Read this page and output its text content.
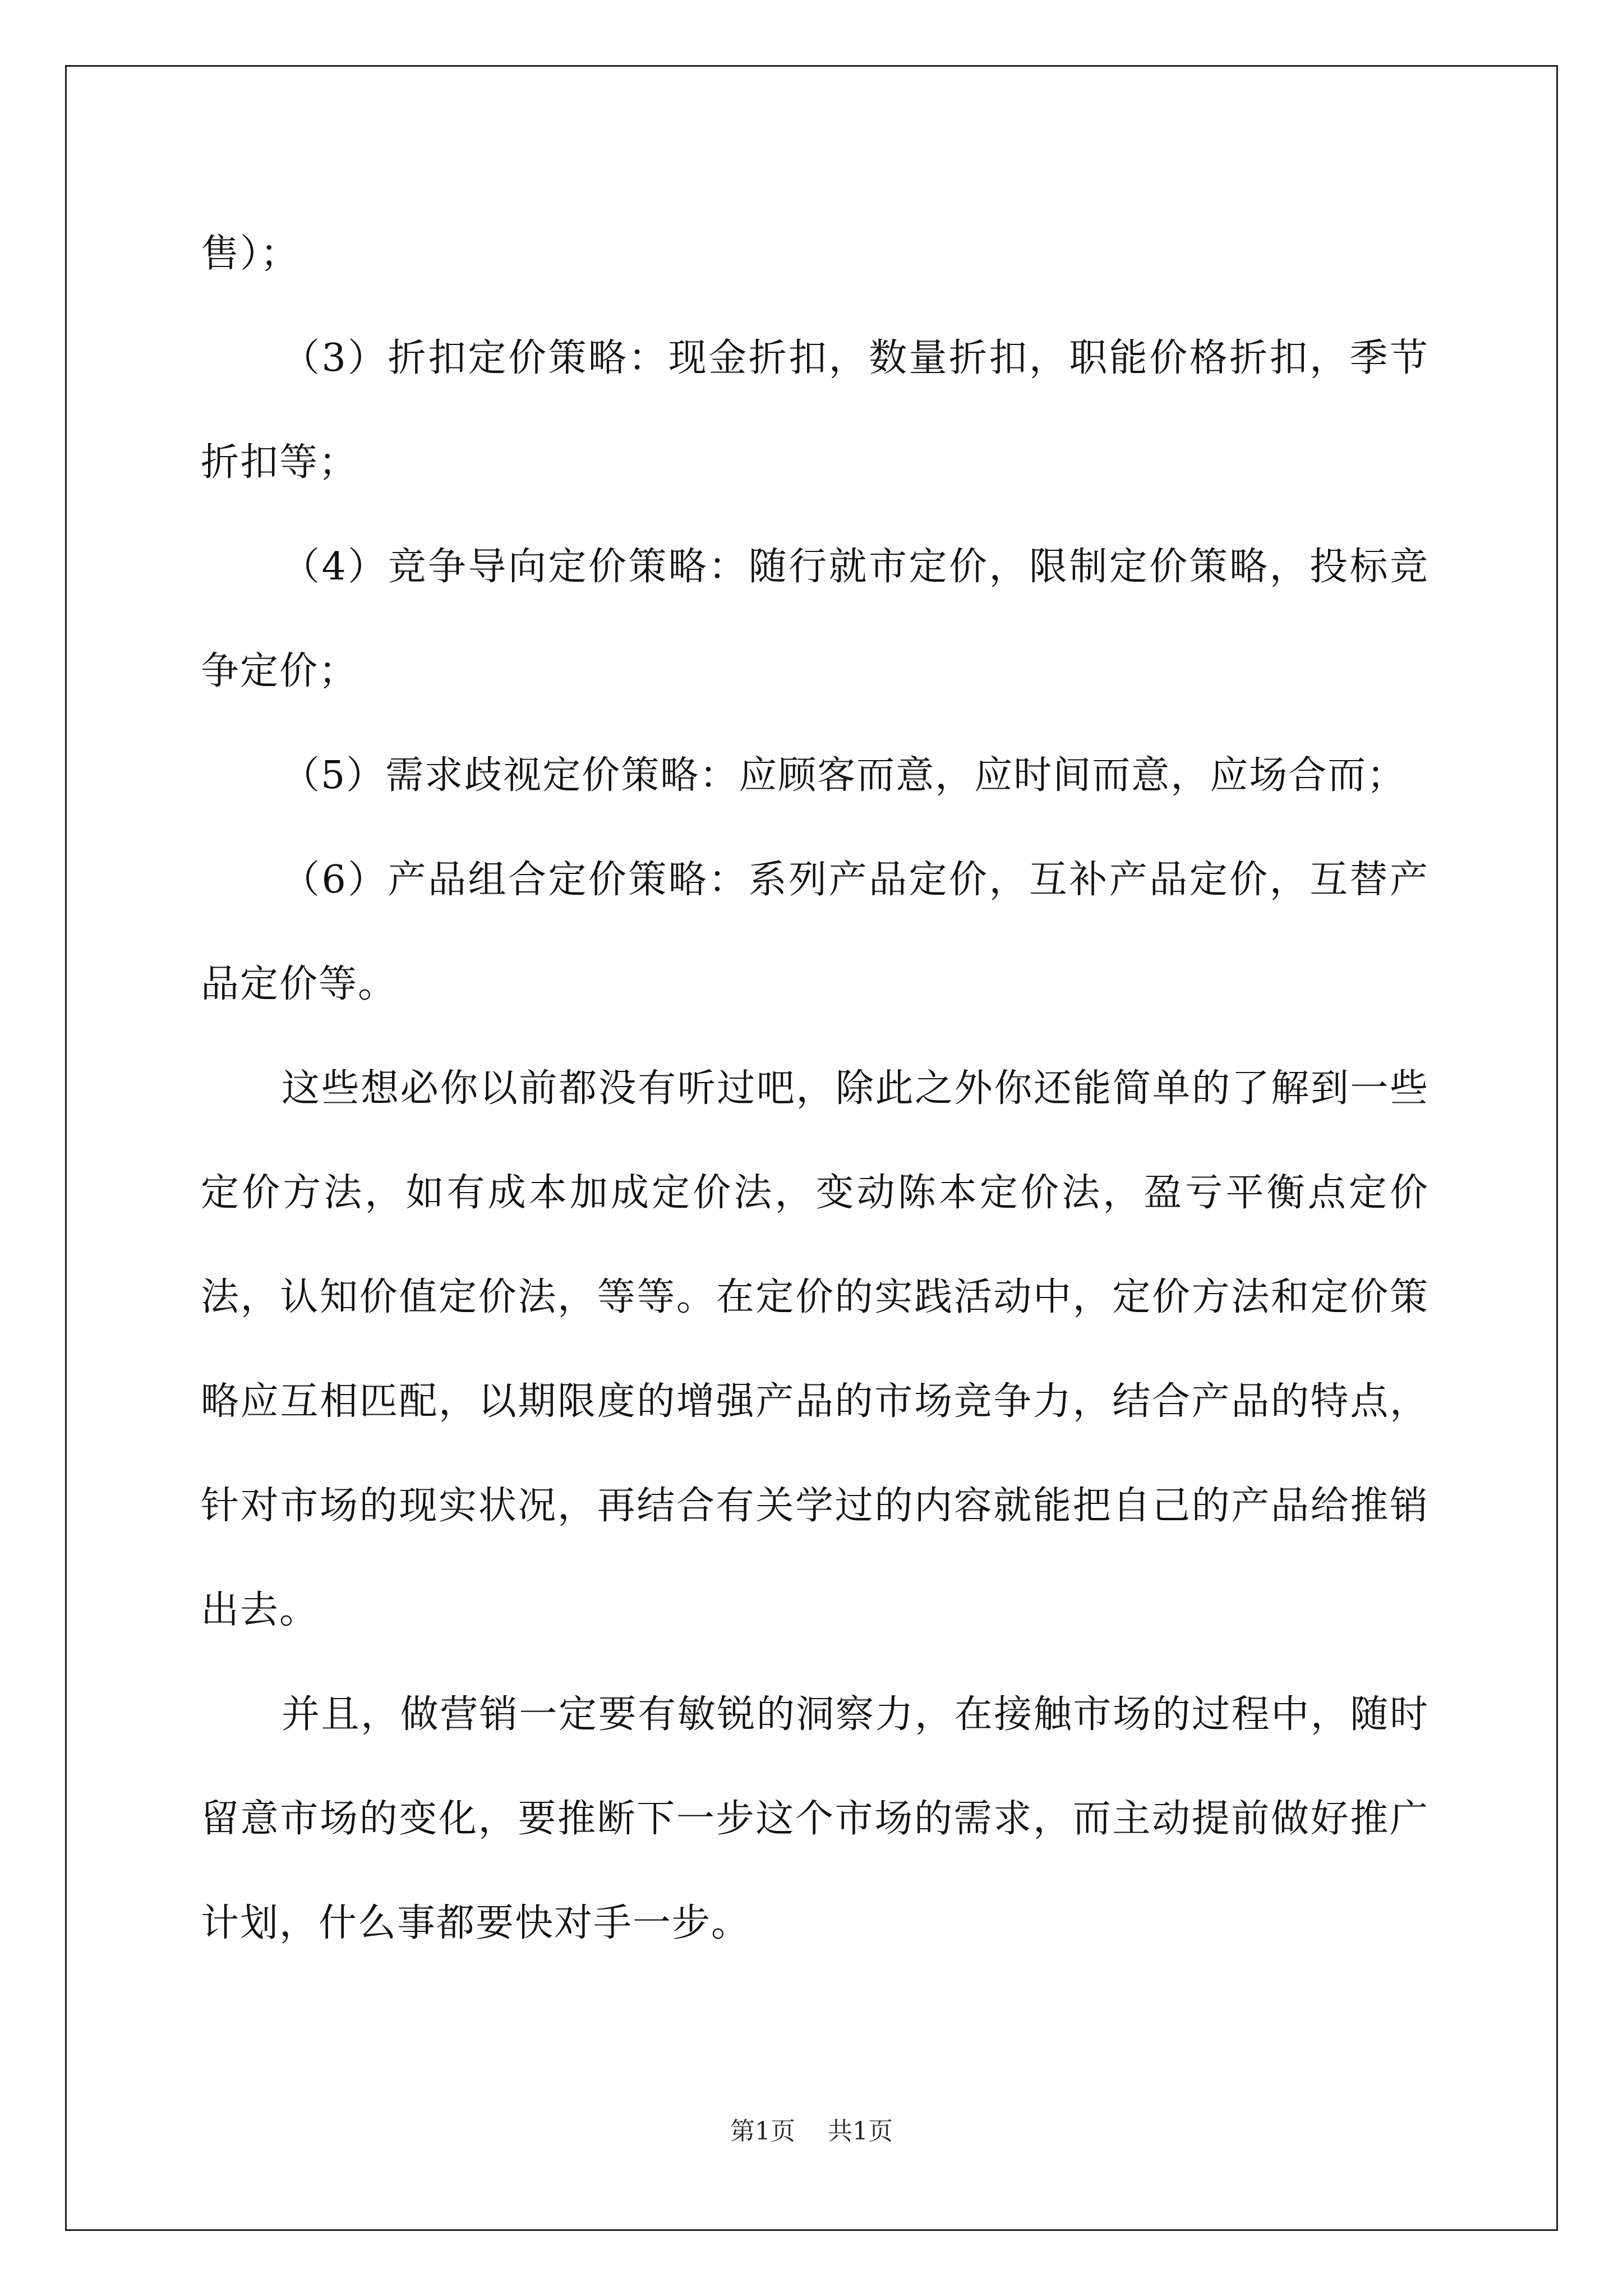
售）；

（3）折扣定价策略：现金折扣，数量折扣，职能价格折扣，季节折扣等；

（4）竞争导向定价策略：随行就市定价，限制定价策略，投标竞争定价；

（5）需求歧视定价策略：应顾客而意，应时间而意，应场合而；

（6）产品组合定价策略：系列产品定价，互补产品定价，互替产品定价等。

这些想必你以前都没有听过吧，除此之外你还能简单的了解到一些定价方法，如有成本加成定价法，变动陈本定价法，盈亏平衡点定价法，认知价值定价法，等等。在定价的实践活动中，定价方法和定价策略应互相匹配，以期限度的增强产品的市场竞争力，结合产品的特点，针对市场的现实状况，再结合有关学过的内容就能把自己的产品给推销出去。

并且，做营销一定要有敏锐的洞察力，在接触市场的过程中，随时留意市场的变化，要推断下一步这个市场的需求，而主动提前做好推广计划，什么事都要快对手一步。

第1页 共1页
